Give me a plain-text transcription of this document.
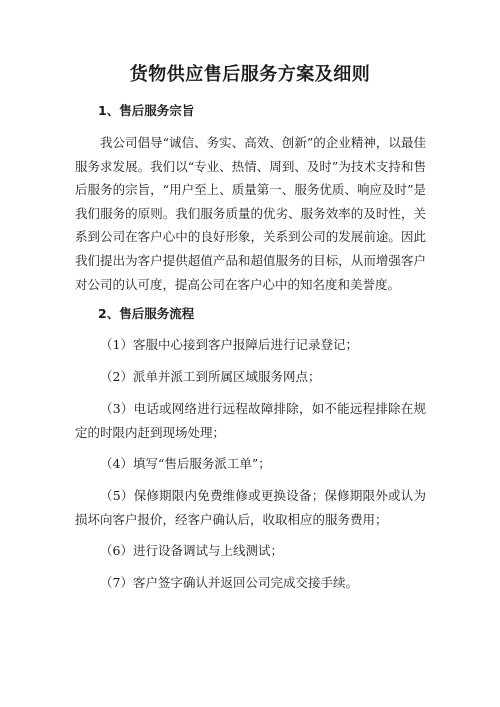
货物供应售后服务方案及细则
1、售后服务宗旨

我公司倡导“诚信、务实、高效、创新”的企业精神，以最佳服务求发展。我们以“专业、热情、周到、及时”为技术支持和售后服务的宗旨，“用户至上、质量第一、服务优质、响应及时”是我们服务的原则。我们服务质量的优劣、服务效率的及时性，关系到公司在客户心中的良好形象，关系到公司的发展前途。因此我们提出为客户提供超值产品和超值服务的目标，从而增强客户对公司的认可度，提高公司在客户心中的知名度和美誉度。

2、售后服务流程

（1）客服中心接到客户报障后进行记录登记；

（2）派单并派工到所属区域服务网点；

（3）电话或网络进行远程故障排除，如不能远程排除在规定的时限内赶到现场处理；

（4）填写“售后服务派工单”；

（5）保修期限内免费维修或更换设备；保修期限外或认为损坏向客户报价，经客户确认后，收取相应的服务费用；

（6）进行设备调试与上线测试；

（7）客户签字确认并返回公司完成交接手续。
